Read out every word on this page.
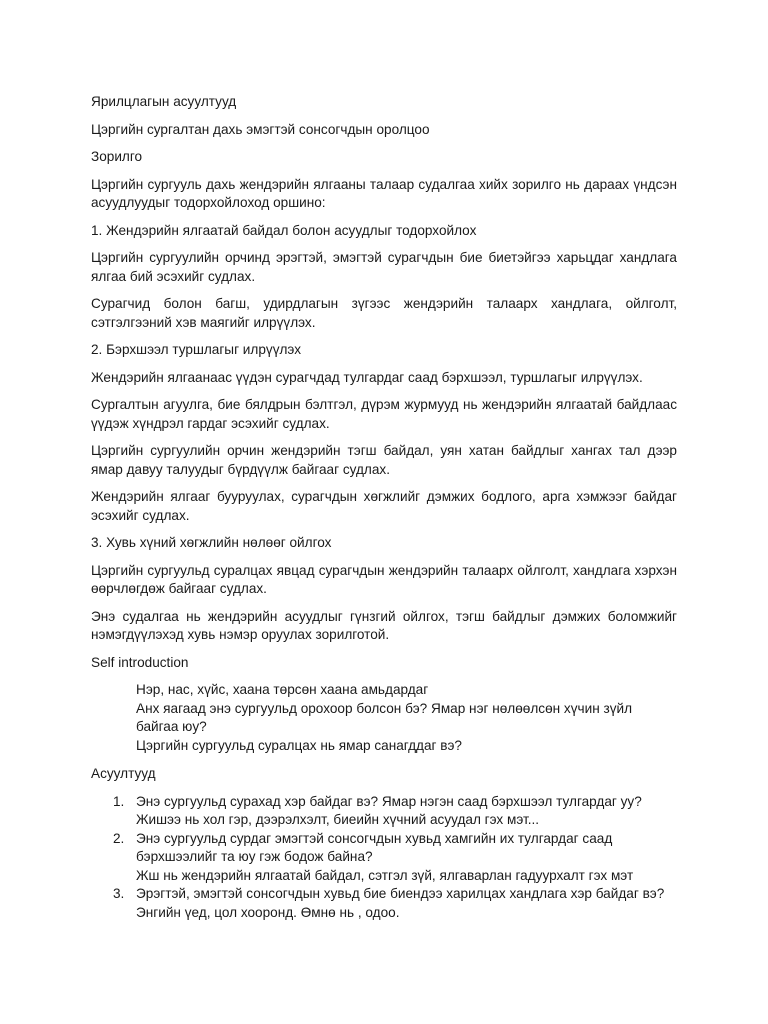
Ярилцлагын асуултууд

Цэргийн сургалтан дахь эмэгтэй сонсогчдын оролцоо

Зорилго

Цэргийн сургууль дахь жендэрийн ялгааны талаар судалгаа хийх зорилго нь дараах үндсэн асуудлуудыг тодорхойлоход оршино:

1. Жендэрийн ялгаатай байдал болон асуудлыг тодорхойлох

Цэргийн сургуулийн орчинд эрэгтэй, эмэгтэй сурагчдын бие биетэйгээ харьцдаг хандлага ялгаа бий эсэхийг судлах.

Сурагчид болон багш, удирдлагын зүгээс жендэрийн талаарх хандлага, ойлголт, сэтгэлгээний хэв маягийг илрүүлэх.

2. Бэрхшээл туршлагыг илрүүлэх

Жендэрийн ялгаанаас үүдэн сурагчдад тулгардаг саад бэрхшээл, туршлагыг илрүүлэх.

Сургалтын агуулга, бие бялдрын бэлтгэл, дүрэм журмууд нь жендэрийн ялгаатай байдлаас үүдэж хүндрэл гардаг эсэхийг судлах.

Цэргийн сургуулийн орчин жендэрийн тэгш байдал, уян хатан байдлыг хангах тал дээр ямар давуу талуудыг бүрдүүлж байгааг судлах.

Жендэрийн ялгааг бууруулах, сурагчдын хөгжлийг дэмжих бодлого, арга хэмжээг байдаг эсэхийг судлах.

3. Хувь хүний хөгжлийн нөлөөг ойлгох

Цэргийн сургуульд суралцах явцад сурагчдын жендэрийн талаарх ойлголт, хандлага хэрхэн өөрчлөгдөж байгааг судлах.

Энэ судалгаа нь жендэрийн асуудлыг гүнзгий ойлгох, тэгш байдлыг дэмжих боломжийг нэмэгдүүлэхэд хувь нэмэр оруулах зорилготой.

Self introduction

Нэр, нас, хүйс, хаана төрсөн хаана амьдардаг

Анх яагаад энэ сургуульд орохоор болсон бэ? Ямар нэг нөлөөлсөн хүчин зүйл

байгаа юу?

Цэргийн сургуульд суралцах нь ямар санагддаг вэ?

Асуултууд

1. Энэ сургуульд сурахад хэр байдаг вэ? Ямар нэгэн саад бэрхшээл тулгардаг уу?

Жишээ нь хол гэр, дээрэлхэлт, биеийн хүчний асуудал гэх мэт...

2. Энэ сургуульд сурдаг эмэгтэй сонсогчдын хувьд хамгийн их тулгардаг саад

бэрхшээлийг та юу гэж бодож байна?

Жш нь жендэрийн ялгаатай байдал, сэтгэл зүй, ялгаварлан гадуурхалт гэх мэт

3. Эрэгтэй, эмэгтэй сонсогчдын хувьд бие биендээ харилцах хандлага хэр байдаг вэ?

Энгийн үед, цол хооронд. Өмнө нь , одоо.
